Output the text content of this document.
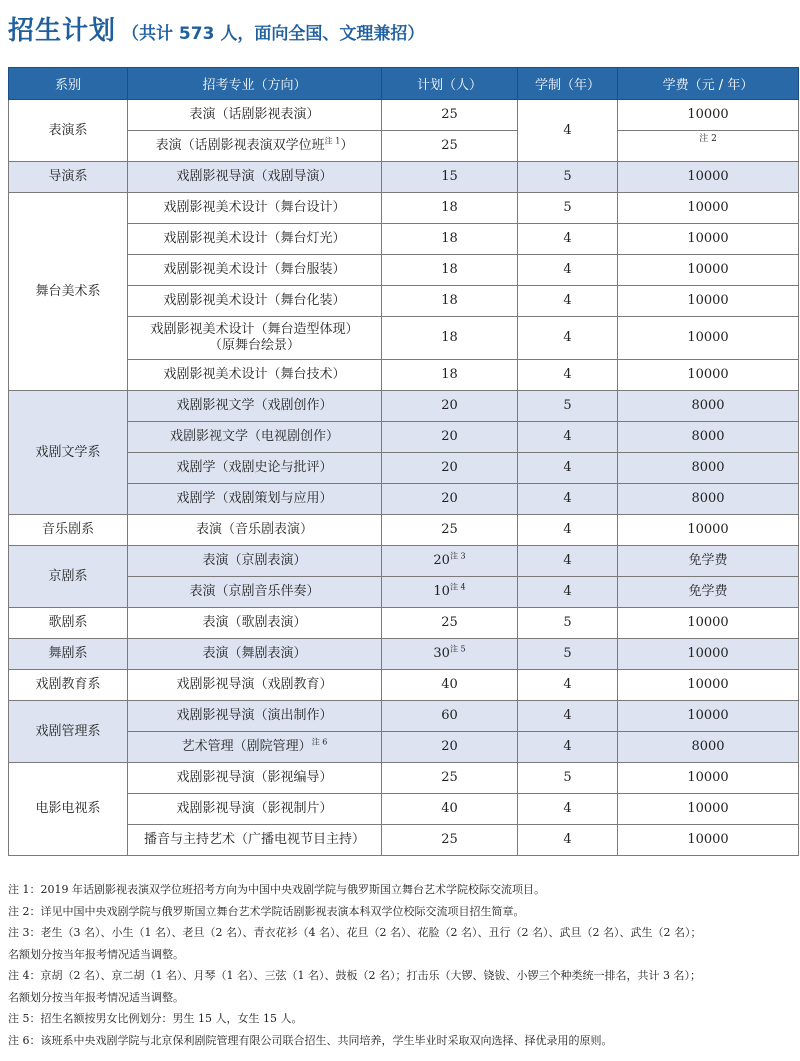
招生计划 （共计 573 人，面向全国、文理兼招）
系别	招考专业（方向）	计划（人）	学制（年）	学费（元 / 年）
表演系	表演（话剧影视表演）	25	4	10000
	表演（话剧影视表演双学位班$^{注 1}$）	25		注 2
导演系	戏剧影视导演（戏剧导演）	15	5	10000
舞台美术系	戏剧影视美术设计（舞台设计）	18	5	10000
	戏剧影视美术设计（舞台灯光）	18	4	10000
	戏剧影视美术设计（舞台服装）	18	4	10000
	戏剧影视美术设计（舞台化装）	18	4	10000
	戏剧影视美术设计（舞台造型体现）
（原舞台绘景）	18	4	10000
	戏剧影视美术设计（舞台技术）	18	4	10000
戏剧文学系	戏剧影视文学（戏剧创作）	20	5	8000
	戏剧影视文学（电视剧创作）	20	4	8000
	戏剧学（戏剧史论与批评）	20	4	8000
	戏剧学（戏剧策划与应用）	20	4	8000
音乐剧系	表演（音乐剧表演）	25	4	10000
京剧系	表演（京剧表演）	$20^{注 3}$	4	免学费
	表演（京剧音乐伴奏）	$10^{注 4}$	4	免学费
歌剧系	表演（歌剧表演）	25	5	10000
舞剧系	表演（舞剧表演）	$30^{注 5}$	5	10000
戏剧教育系	戏剧影视导演（戏剧教育）	40	4	10000
戏剧管理系	戏剧影视导演（演出制作）	60	4	10000
	艺术管理（剧院管理）$^{注 6}$	20	4	8000
电影电视系	戏剧影视导演（影视编导）	25	5	10000
	戏剧影视导演（影视制片）	40	4	10000
	播音与主持艺术（广播电视节目主持）	25	4	10000

注 1：2019 年话剧影视表演双学位班招考方向为中国中央戏剧学院与俄罗斯国立舞台艺术学院校际交流项目。

注 2：详见中国中央戏剧学院与俄罗斯国立舞台艺术学院话剧影视表演本科双学位校际交流项目招生简章。

注 3：老生（3 名）、小生（1 名）、老旦（2 名）、青衣花衫（4 名）、花旦（2 名）、花脸（2 名）、丑行（2 名）、武旦（2 名）、武生（2 名）；

名额划分按当年报考情况适当调整。

注 4：京胡（2 名）、京二胡（1 名）、月琴（1 名）、三弦（1 名）、鼓板（2 名）；打击乐（大锣、铙钹、小锣三个种类统一排名，共计 3 名）；

名额划分按当年报考情况适当调整。

注 5：招生名额按男女比例划分：男生 15 人，女生 15 人。

注 6：该班系中央戏剧学院与北京保利剧院管理有限公司联合招生、共同培养，学生毕业时采取双向选择、择优录用的原则。
